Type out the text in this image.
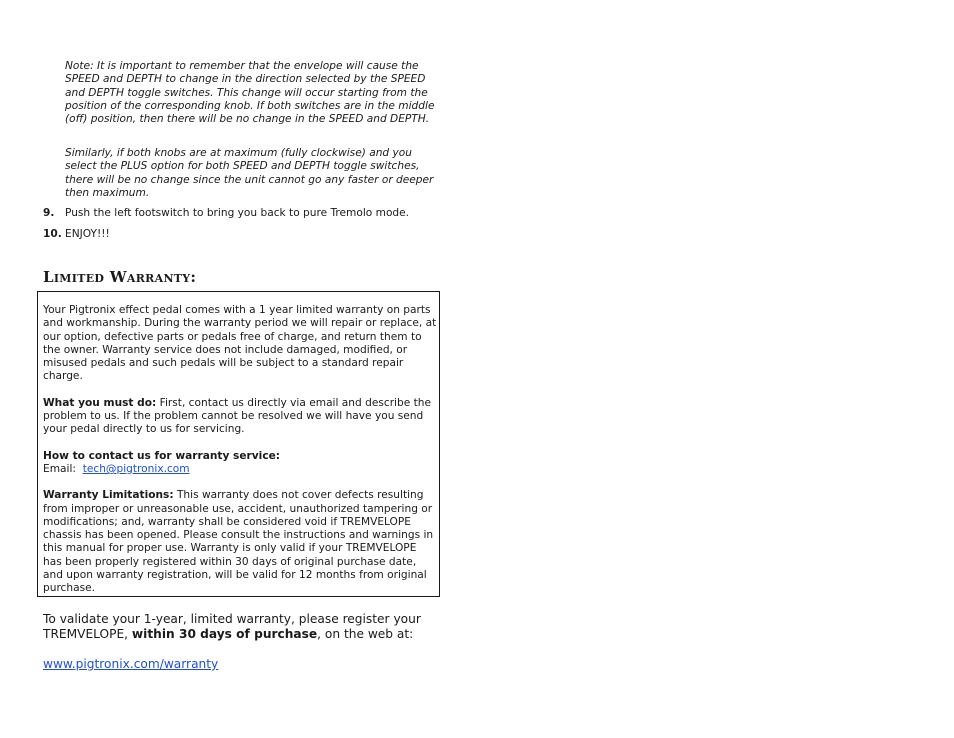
Note: It is important to remember that the envelope will cause the SPEED and DEPTH to change in the direction selected by the SPEED and DEPTH toggle switches. This change will occur starting from the position of the corresponding knob. If both switches are in the middle (off) position, then there will be no change in the SPEED and DEPTH.

Similarly, if both knobs are at maximum (fully clockwise) and you select the PLUS option for both SPEED and DEPTH toggle switches, there will be no change since the unit cannot go any faster or deeper then maximum.

9. Push the left footswitch to bring you back to pure Tremolo mode.
10. ENJOY!!!
Limited Warranty:

Your Pigtronix effect pedal comes with a 1 year limited warranty on parts and workmanship. During the warranty period we will repair or replace, at our option, defective parts or pedals free of charge, and return them to the owner. Warranty service does not include damaged, modified, or misused pedals and such pedals will be subject to a standard repair charge.

What you must do: First, contact us directly via email and describe the problem to us. If the problem cannot be resolved we will have you send your pedal directly to us for servicing.

How to contact us for warranty service:
Email:  tech@pigtronix.com

Warranty Limitations: This warranty does not cover defects resulting from improper or unreasonable use, accident, unauthorized tampering or modifications; and, warranty shall be considered void if TREMVELOPE chassis has been opened. Please consult the instructions and warnings in this manual for proper use. Warranty is only valid if your TREMVELOPE has been properly registered within 30 days of original purchase date, and upon warranty registration, will be valid for 12 months from original purchase.

To validate your 1-year, limited warranty, please register your TREMVELOPE, within 30 days of purchase, on the web at:

www.pigtronix.com/warranty
